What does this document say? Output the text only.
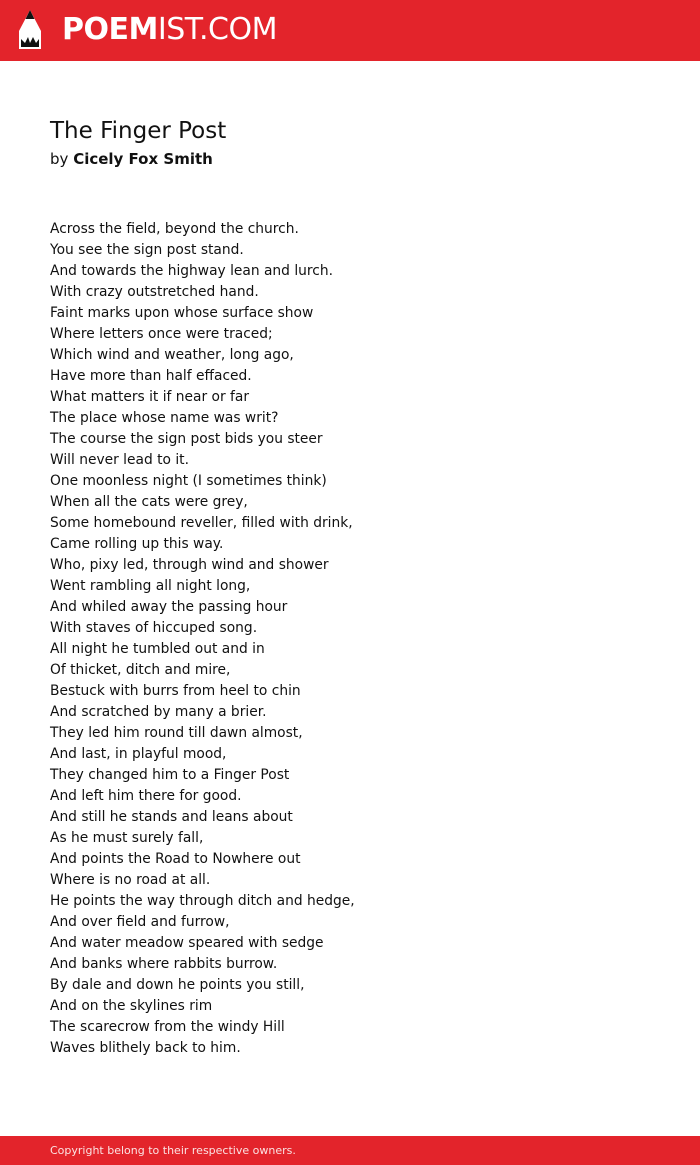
POEMIST.COM
The Finger Post
by Cicely Fox Smith
Across the field, beyond the church.
You see the sign post stand.
And towards the highway lean and lurch.
With crazy outstretched hand.
Faint marks upon whose surface show
Where letters once were traced;
Which wind and weather, long ago,
Have more than half effaced.
What matters it if near or far
The place whose name was writ?
The course the sign post bids you steer
Will never lead to it.
One moonless night (I sometimes think)
When all the cats were grey,
Some homebound reveller, filled with drink,
Came rolling up this way.
Who, pixy led, through wind and shower
Went rambling all night long,
And whiled away the passing hour
With staves of hiccuped song.
All night he tumbled out and in
Of thicket, ditch and mire,
Bestuck with burrs from heel to chin
And scratched by many a brier.
They led him round till dawn almost,
And last, in playful mood,
They changed him to a Finger Post
And left him there for good.
And still he stands and leans about
As he must surely fall,
And points the Road to Nowhere out
Where is no road at all.
He points the way through ditch and hedge,
And over field and furrow,
And water meadow speared with sedge
And banks where rabbits burrow.
By dale and down he points you still,
And on the skylines rim
The scarecrow from the windy Hill
Waves blithely back to him.
Copyright belong to their respective owners.
